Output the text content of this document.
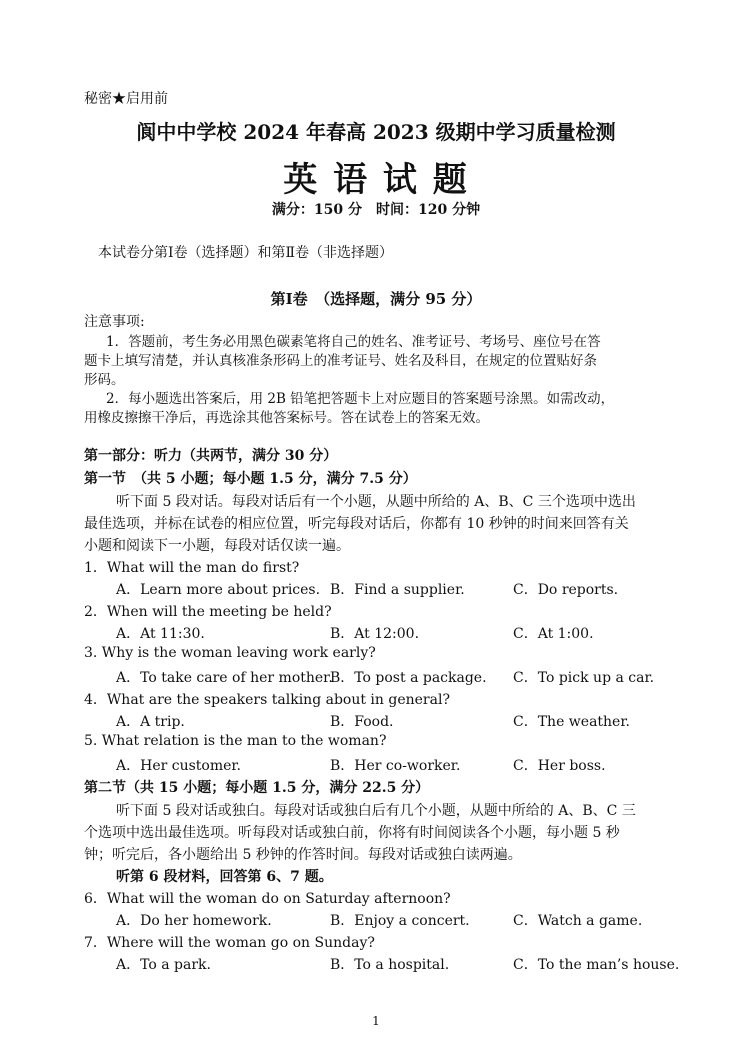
秘密★启用前
阆中中学校 2024 年春高 2023 级期中学习质量检测
英 语 试 题
满分：150 分　时间：120 分钟
本试卷分第Ⅰ卷（选择题）和第Ⅱ卷（非选择题）
第Ⅰ卷　（选择题，满分 95 分）
注意事项:
1．答题前，考生务必用黑色碳素笔将自己的姓名、准考证号、考场号、座位号在答
题卡上填写清楚，并认真核准条形码上的准考证号、姓名及科目，在规定的位置贴好条
形码。
2．每小题选出答案后，用 2B 铅笔把答题卡上对应题目的答案题号涂黑。如需改动，
用橡皮擦擦干净后，再选涂其他答案标号。答在试卷上的答案无效。
第一部分：听力（共两节，满分 30 分）
第一节　（共 5 小题；每小题 1.5 分，满分 7.5 分）
听下面 5 段对话。每段对话后有一个小题，从题中所给的 A、B、C 三个选项中选出
最佳选项，并标在试卷的相应位置，听完每段对话后，你都有 10 秒钟的时间来回答有关
小题和阅读下一小题，每段对话仅读一遍。
1．What will the man do first?
A．Learn more about prices. B．Find a supplier.	C．Do reports.
2．When will the meeting be held?
A．At 11:30.	B．At 12:00.	C．At 1:00.
3. Why is the woman leaving work early?
A．To take care of her mother.
B．To post a package. C．To pick up a car.
4．What are the speakers talking about in general?
A．A trip.	B．Food.	C．The weather.
5. What relation is the man to the woman?
A．Her customer.	B．Her co-worker.	C．Her boss.
第二节（共 15 小题；每小题 1.5 分，满分 22.5 分）
听下面 5 段对话或独白。每段对话或独白后有几个小题，从题中所给的 A、B、C 三
个选项中选出最佳选项。听每段对话或独白前，你将有时间阅读各个小题，每小题 5 秒
钟；听完后，各小题给出 5 秒钟的作答时间。每段对话或独白读两遍。
听第 6 段材料，回答第 6、7 题。
6．What will the woman do on Saturday afternoon?
A．Do her homework.	B．Enjoy a concert.	C．Watch a game.
7．Where will the woman go on Sunday?
A．To a park.	B．To a hospital.	C．To the man’s house.
1
